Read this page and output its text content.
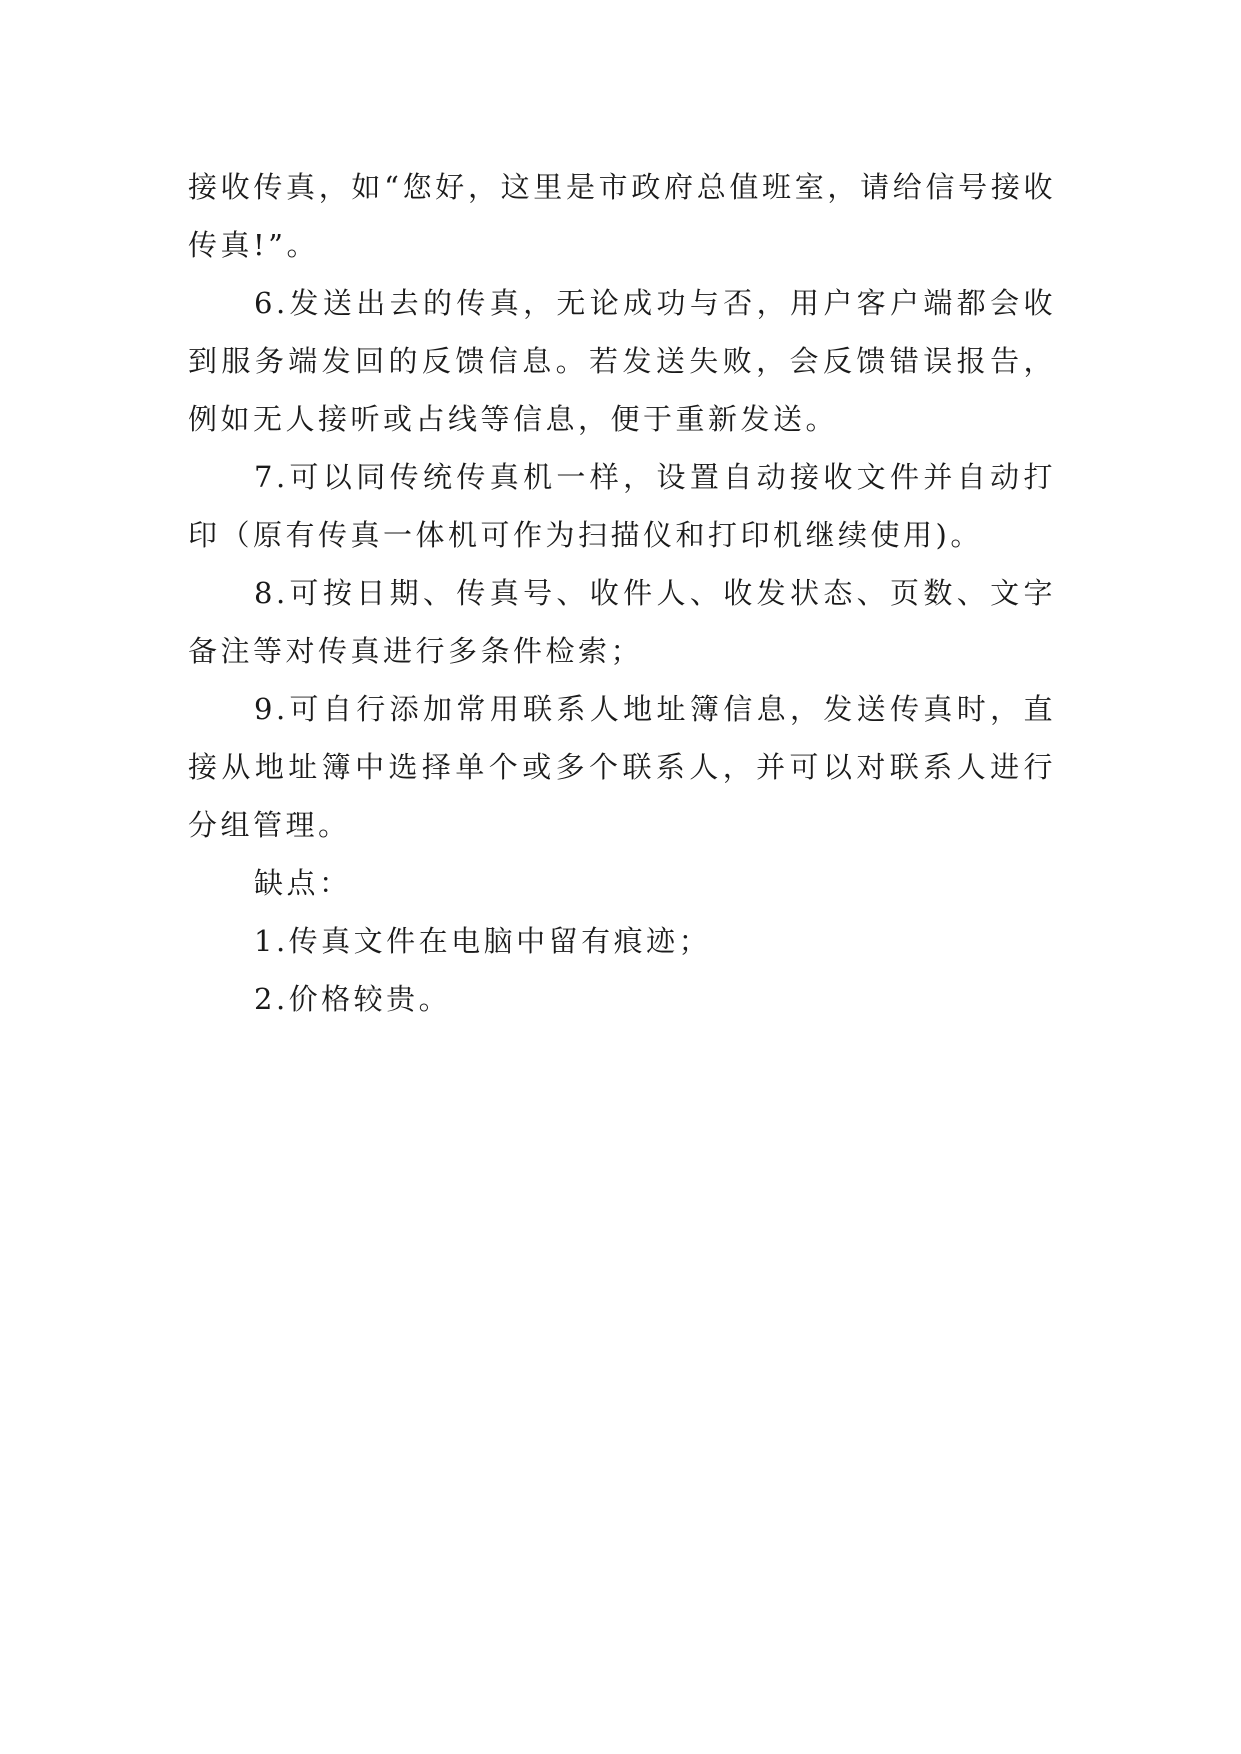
接收传真，如“您好，这里是市政府总值班室，请给信号接收传真!”。

6.发送出去的传真，无论成功与否，用户客户端都会收到服务端发回的反馈信息。若发送失败，会反馈错误报告，例如无人接听或占线等信息，便于重新发送。

7.可以同传统传真机一样，设置自动接收文件并自动打印（原有传真一体机可作为扫描仪和打印机继续使用)。

8.可按日期、传真号、收件人、收发状态、页数、文字备注等对传真进行多条件检索；

9.可自行添加常用联系人地址簿信息，发送传真时，直接从地址簿中选择单个或多个联系人，并可以对联系人进行分组管理。

缺点：

1.传真文件在电脑中留有痕迹；

2.价格较贵。
